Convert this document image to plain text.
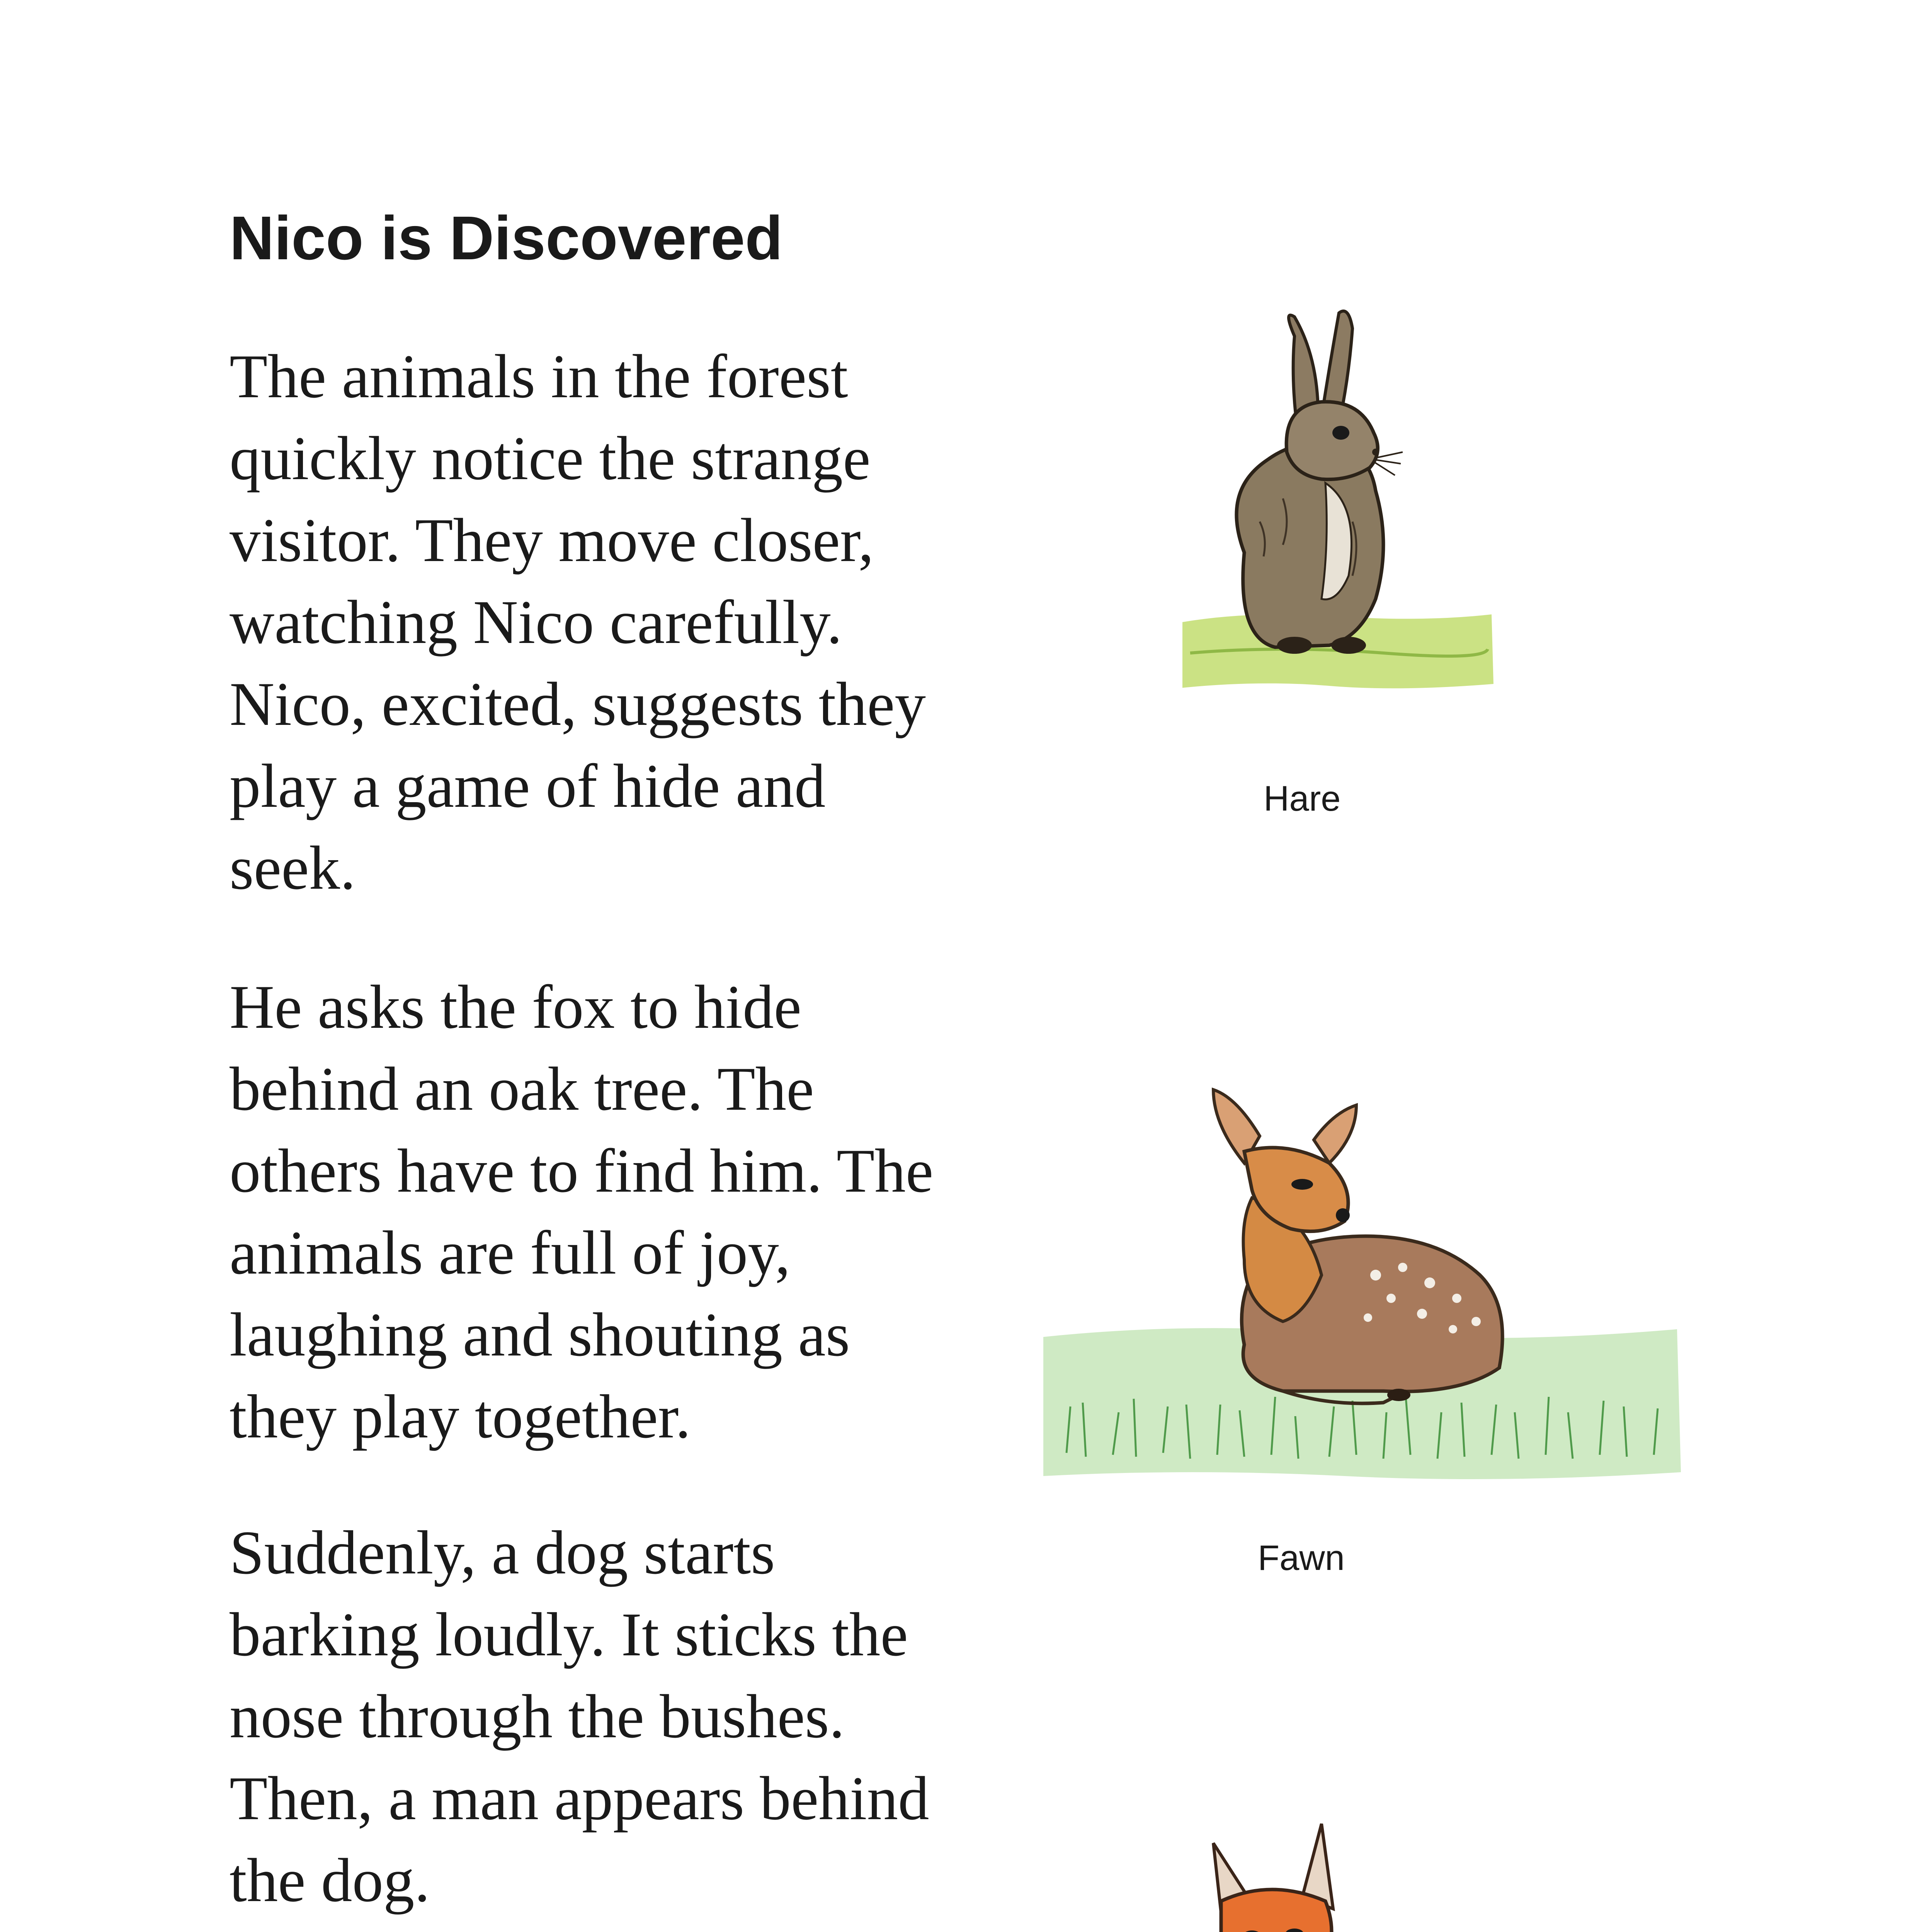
Nico is Discovered

The animals in the forest
quickly notice the strange
visitor. They move closer,
watching Nico carefully.
Nico, excited, suggests they
play a game of hide and
seek.

He asks the fox to hide
behind an oak tree. The
others have to find him. The
animals are full of joy,
laughing and shouting as
they play together.

Suddenly, a dog starts
barking loudly. It sticks the
nose through the bushes.
Then, a man appears behind
the dog.

Hare
Fawn
